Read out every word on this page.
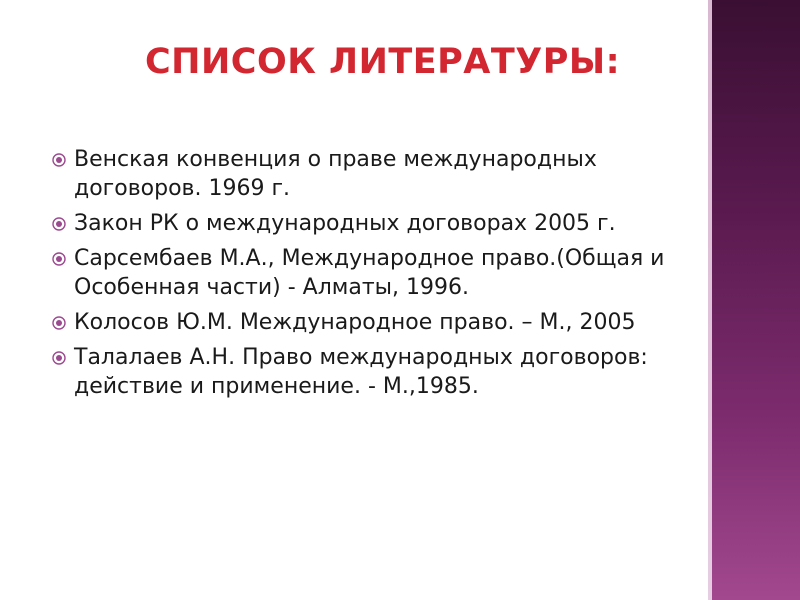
СПИСОК ЛИТЕРАТУРЫ:
Венская конвенция о праве международных договоров. 1969 г.
Закон РК о международных договорах 2005 г.
Сарсембаев М.А., Международное право.(Общая и Особенная части) - Алматы, 1996.
Колосов Ю.М. Международное право. – М., 2005
Талалаев А.Н. Право международных договоров: действие и применение. - М.,1985.
